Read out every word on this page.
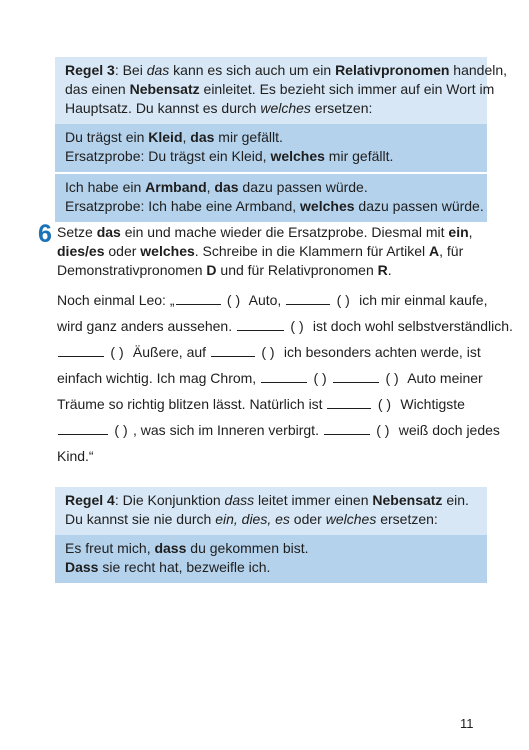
Regel 3: Bei das kann es sich auch um ein Relativpronomen handeln,
das einen Nebensatz einleitet. Es bezieht sich immer auf ein Wort im
Hauptsatz. Du kannst es durch welches ersetzen:
Du trägst ein Kleid, das mir gefällt.
Ersatzprobe: Du trägst ein Kleid, welches mir gefällt.
Ich habe ein Armband, das dazu passen würde.
Ersatzprobe: Ich habe eine Armband, welches dazu passen würde.
6 Setze das ein und mache wieder die Ersatzprobe. Diesmal mit ein,
dies/es oder welches. Schreibe in die Klammern für Artikel A, für
Demonstrativpronomen D und für Relativpronomen R.
Noch einmal Leo: „	( ) Auto,	( ) ich mir einmal kaufe,
wird ganz anders aussehen.	( ) ist doch wohl selbstverständlich.
( ) Äußere, auf	( ) ich besonders achten werde, ist
einfach wichtig. Ich mag Chrom,	( )	( ) Auto meiner
Träume so richtig blitzen lässt. Natürlich ist	( ) Wichtigste
( ) , was sich im Inneren verbirgt.	( ) weiß doch jedes
Kind.“
Regel 4: Die Konjunktion dass leitet immer einen Nebensatz ein.
Du kannst sie nie durch ein, dies, es oder welches ersetzen:
Es freut mich, dass du gekommen bist.
Dass sie recht hat, bezweifle ich.
11
